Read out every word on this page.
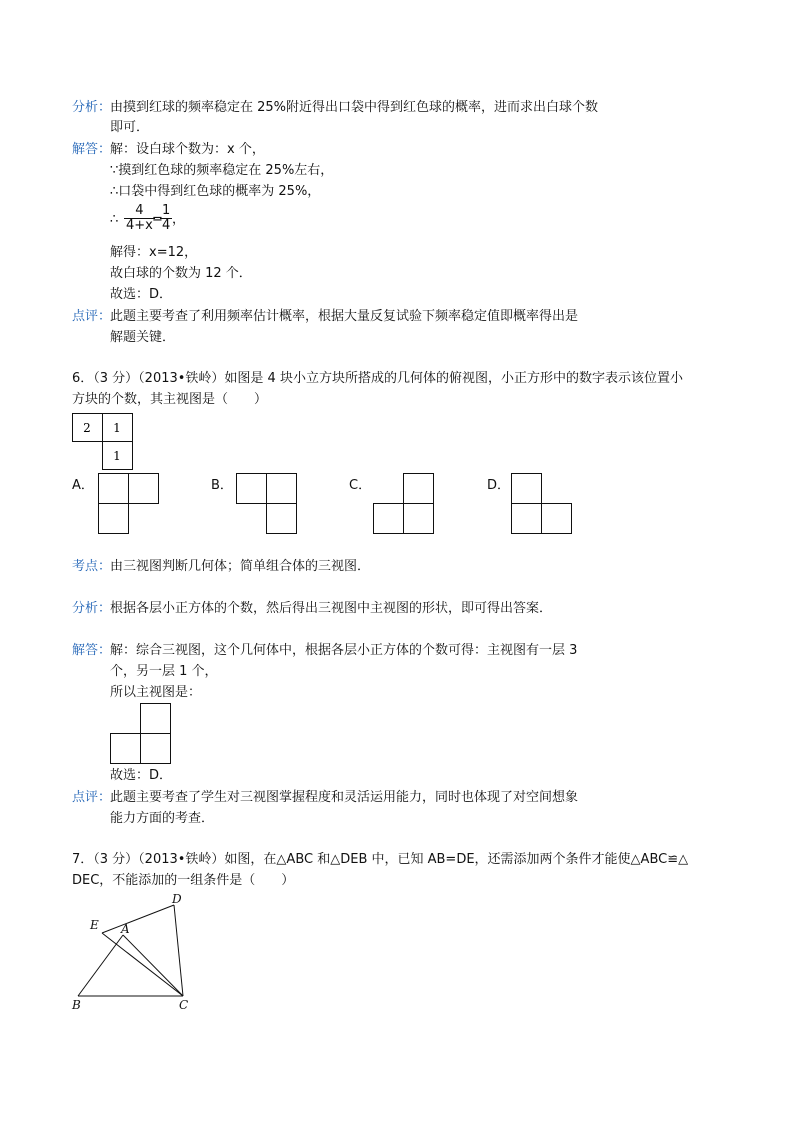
分析：
由摸到红球的频率稳定在 25%附近得出口袋中得到红色球的概率，进而求出白球个数
即可．
解答：
解：设白球个数为：x 个，
∵摸到红色球的频率稳定在 25%左右，
∴口袋中得到红色球的概率为 25%，
∴ $\frac{4}{4+x}$
=
$\frac{1}{4}$ ，
解得：x=12，
故白球的个数为 12 个．
故选：D．
点评：
此题主要考查了利用频率估计概率，根据大量反复试验下频率稳定值即概率得出是
解题关键．
6．（3 分）（2013•铁岭）如图是 4 块小立方块所搭成的几何体的俯视图，小正方形中的数字表示该位置小
方块的个数，其主视图是（　　）
2 1
1
A．	B．	C．	D．
考点：
由三视图判断几何体；简单组合体的三视图．
分析：
根据各层小正方体的个数，然后得出三视图中主视图的形状，即可得出答案．
解答：
解：综合三视图，这个几何体中，根据各层小正方体的个数可得：主视图有一层 3
个，另一层 1 个，
所以主视图是：
故选：D．
点评：
此题主要考查了学生对三视图掌握程度和灵活运用能力，同时也体现了对空间想象
能力方面的考查．
7．（3 分）（2013•铁岭）如图，在△ABC 和△DEB 中，已知 AB=DE，还需添加两个条件才能使△ABC≌△
DEC，不能添加的一组条件是（　　）
D
E A
B	C
